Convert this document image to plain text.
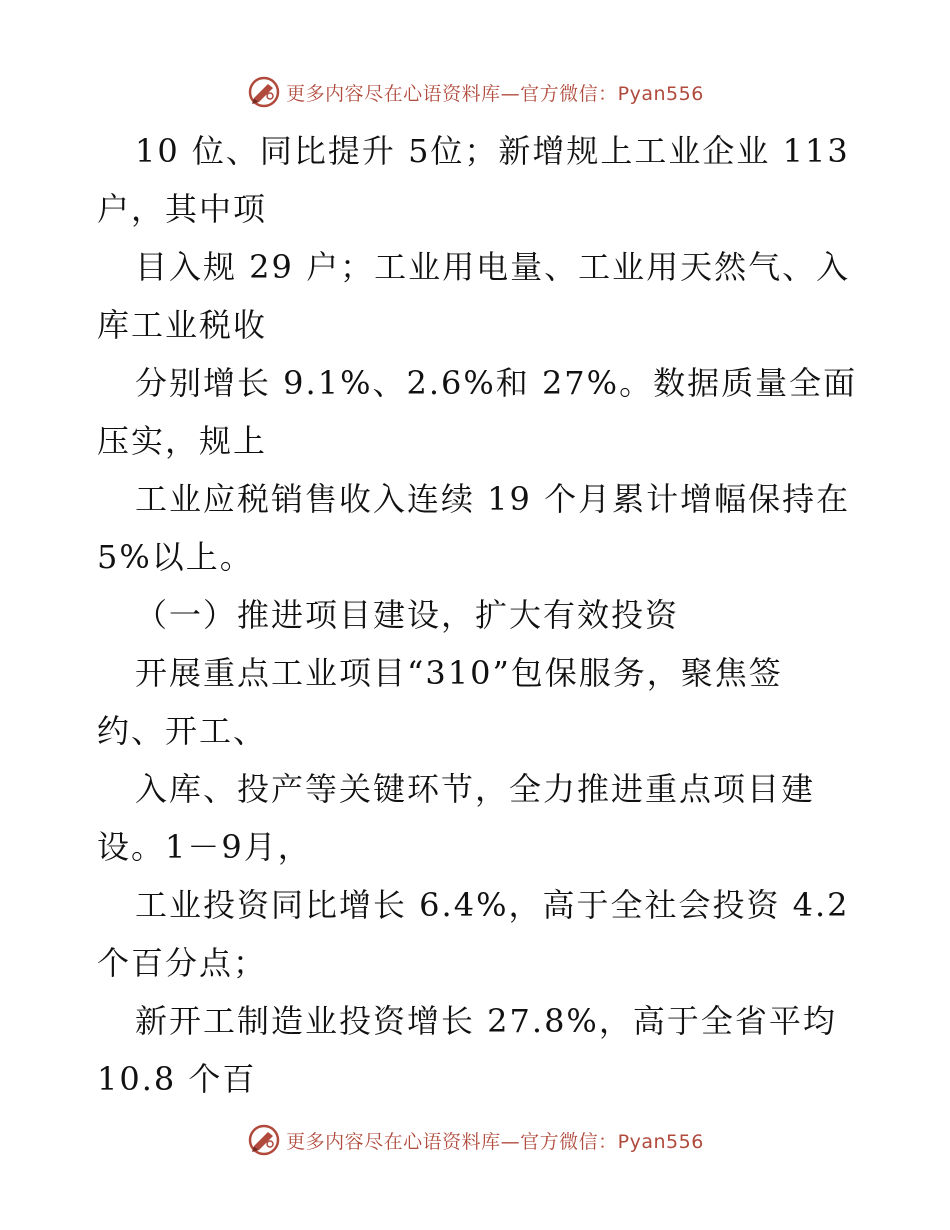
更多内容尽在心语资料库—官方微信：Pyan556
10 位、同比提升 5位；新增规上工业企业 113
户，其中项
目入规 29 户；工业用电量、工业用天然气、入
库工业税收
分别增长 9.1%、2.6%和 27%。数据质量全面
压实，规上
工业应税销售收入连续 19 个月累计增幅保持在
5%以上。
（一）推进项目建设，扩大有效投资
开展重点工业项目“310”包保服务，聚焦签
约、开工、
入库、投产等关键环节，全力推进重点项目建
设。1－9月，
工业投资同比增长 6.4%，高于全社会投资 4.2
个百分点；
新开工制造业投资增长 27.8%，高于全省平均
10.8 个百
更多内容尽在心语资料库—官方微信：Pyan556
